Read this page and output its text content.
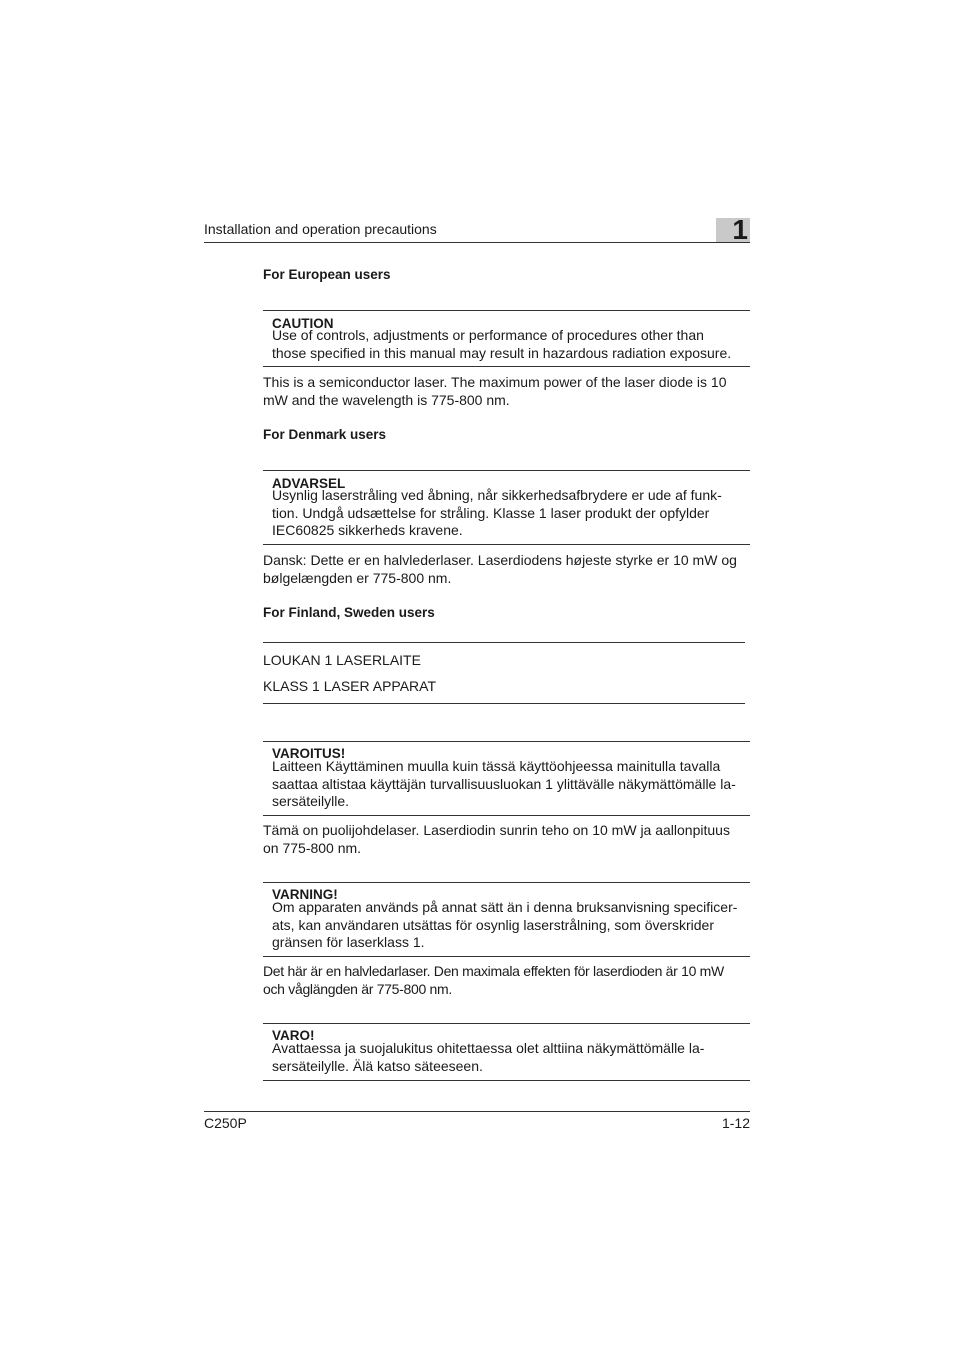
Installation and operation precautions	1
For European users
CAUTION
Use of controls, adjustments or performance of procedures other than
those specified in this manual may result in hazardous radiation exposure.
This is a semiconductor laser. The maximum power of the laser diode is 10
mW and the wavelength is 775-800 nm.
For Denmark users
ADVARSEL
Usynlig laserstråling ved åbning, når sikkerhedsafbrydere er ude af funk-
tion. Undgå udsættelse for stråling. Klasse 1 laser produkt der opfylder
IEC60825 sikkerheds kravene.
Dansk: Dette er en halvlederlaser. Laserdiodens højeste styrke er 10 mW og
bølgelængden er 775-800 nm.
For Finland, Sweden users
LOUKAN 1 LASERLAITE
KLASS 1 LASER APPARAT
VAROITUS!
Laitteen Käyttäminen muulla kuin tässä käyttöohjeessa mainitulla tavalla
saattaa altistaa käyttäjän turvallisuusluokan 1 ylittävälle näkymättömälle la-
sersäteilylle.
Tämä on puolijohdelaser. Laserdiodin sunrin teho on 10 mW ja aallonpituus
on 775-800 nm.
VARNING!
Om apparaten används på annat sätt än i denna bruksanvisning specificer-
ats, kan användaren utsättas för osynlig laserstrålning, som överskrider
gränsen för laserklass 1.
Det här är en halvledarlaser. Den maximala effekten för laserdioden är 10 mW
och våglängden är 775-800 nm.
VARO!
Avattaessa ja suojalukitus ohitettaessa olet alttiina näkymättömälle la-
sersäteilylle. Älä katso säteeseen.
C250P	1-12
